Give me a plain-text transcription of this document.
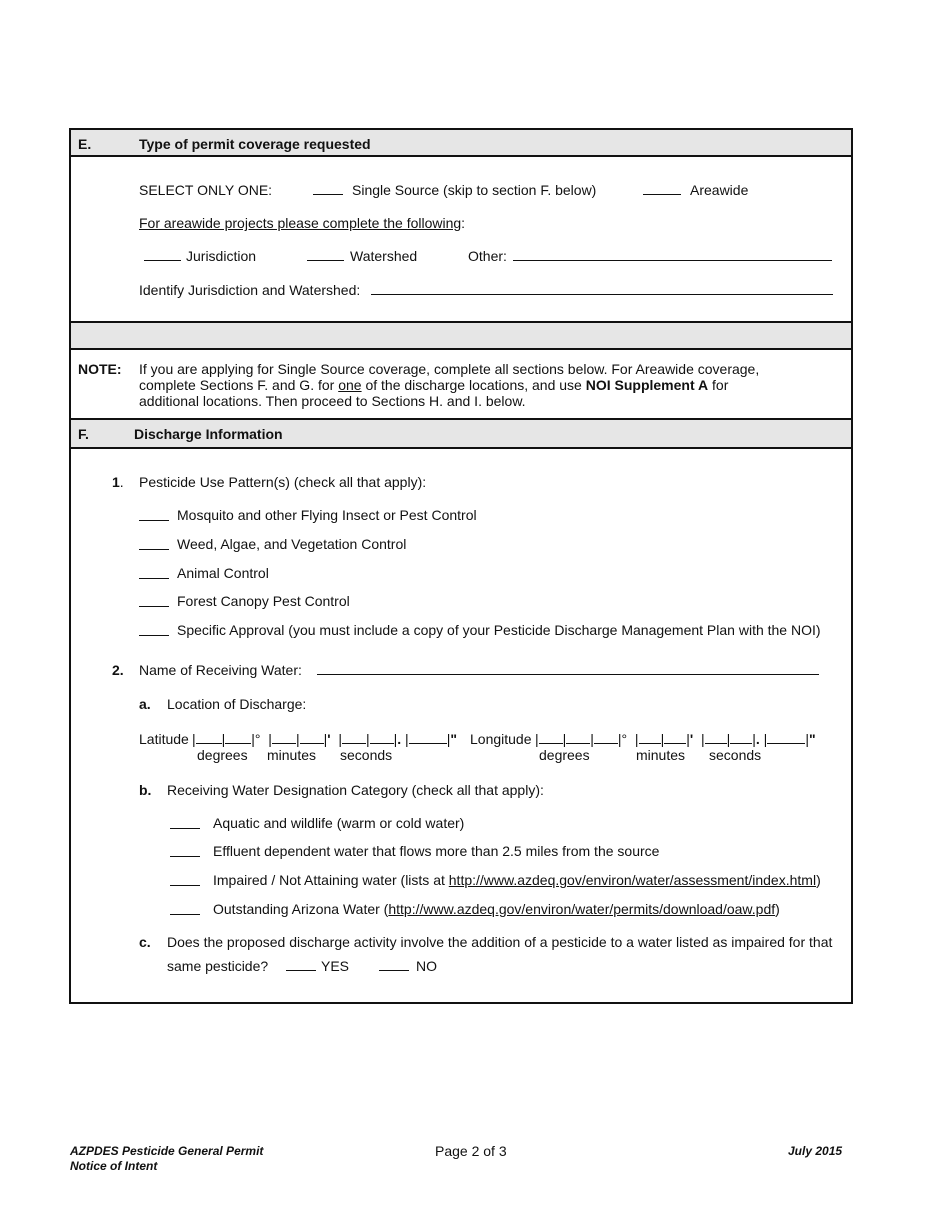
E.	Type of permit coverage requested
SELECT ONLY ONE:	Single Source (skip to section F. below)	Areawide
For areawide projects please complete the following:
Jurisdiction	Watershed	Other:
Identify Jurisdiction and Watershed:
NOTE: If you are applying for Single Source coverage, complete all sections below. For Areawide coverage,
complete Sections F. and G. for one of the discharge locations, and use NOI Supplement A for
additional locations. Then proceed to Sections H. and I. below.
F.	Discharge Information
1. Pesticide Use Pattern(s) (check all that apply):
Mosquito and other Flying Insect or Pest Control
Weed, Algae, and Vegetation Control
Animal Control
Forest Canopy Pest Control
Specific Approval (you must include a copy of your Pesticide Discharge Management Plan with the NOI)
2. Name of Receiving Water:
a. Location of Discharge:
Latitude | | |°  | | |'  | | |. |	|" Longitude | | | |°  | | |'  | | |. |	|"
degrees minutes seconds	degrees	minutes seconds
b. Receiving Water Designation Category (check all that apply):
Aquatic and wildlife (warm or cold water)
Effluent dependent water that flows more than 2.5 miles from the source
Impaired / Not Attaining water (lists at http://www.azdeq.gov/environ/water/assessment/index.html)
Outstanding Arizona Water (http://www.azdeq.gov/environ/water/permits/download/oaw.pdf)
c. Does the proposed discharge activity involve the addition of a pesticide to a water listed as impaired for that
same pesticide?	YES	NO
AZPDES Pesticide General Permit
Notice of Intent
Page 2 of 3	July 2015
